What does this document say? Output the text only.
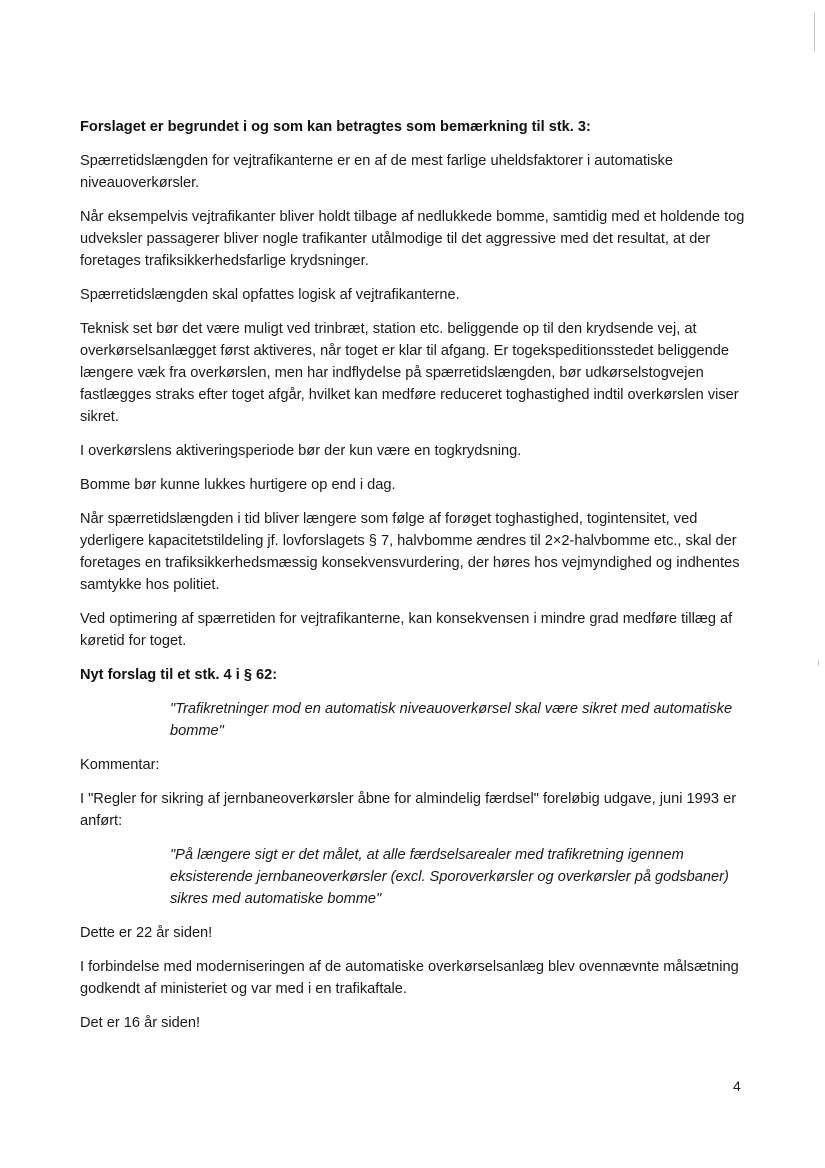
Forslaget er begrundet i og som kan betragtes som bemærkning til stk. 3:

Spærretidslængden for vejtrafikanterne er en af de mest farlige uheldsfaktorer i automatiske niveauoverkørsler.

Når eksempelvis vejtrafikanter bliver holdt tilbage af nedlukkede bomme, samtidig med et holdende tog udveksler passagerer bliver nogle trafikanter utålmodige til det aggressive med det resultat, at der foretages trafiksikkerhedsfarlige krydsninger.

Spærretidslængden skal opfattes logisk af vejtrafikanterne.

Teknisk set bør det være muligt ved trinbræt, station etc. beliggende op til den krydsende vej, at overkørselsanlægget først aktiveres, når toget er klar til afgang. Er togekspeditionsstedet beliggende længere væk fra overkørslen, men har indflydelse på spærretidslængden, bør udkørselstogvejen fastlægges straks efter toget afgår, hvilket kan medføre reduceret toghastighed indtil overkørslen viser sikret.

I overkørslens aktiveringsperiode bør der kun være en togkrydsning.

Bomme bør kunne lukkes hurtigere op end i dag.

Når spærretidslængden i tid bliver længere som følge af forøget toghastighed, togintensitet, ved yderligere kapacitetstildeling jf. lovforslagets § 7, halvbomme ændres til 2×2-halvbomme etc., skal der foretages en trafiksikkerhedsmæssig konsekvensvurdering, der høres hos vejmyndighed og indhentes samtykke hos politiet.

Ved optimering af spærretiden for vejtrafikanterne, kan konsekvensen i mindre grad medføre tillæg af køretid for toget.

Nyt forslag til et stk. 4 i § 62:

"Trafikretninger mod en automatisk niveauoverkørsel skal være sikret med automatiske bomme"

Kommentar:

I "Regler for sikring af jernbaneoverkørsler åbne for almindelig færdsel" foreløbig udgave, juni 1993 er anført:

"På længere sigt er det målet, at alle færdselsarealer med trafikretning igennem eksisterende jernbaneoverkørsler (excl. Sporoverkørsler og overkørsler på godsbaner) sikres med automatiske bomme"

Dette er 22 år siden!

I forbindelse med moderniseringen af de automatiske overkørselsanlæg blev ovennævnte målsætning godkendt af ministeriet og var med i en trafikaftale.

Det er 16 år siden!

4
